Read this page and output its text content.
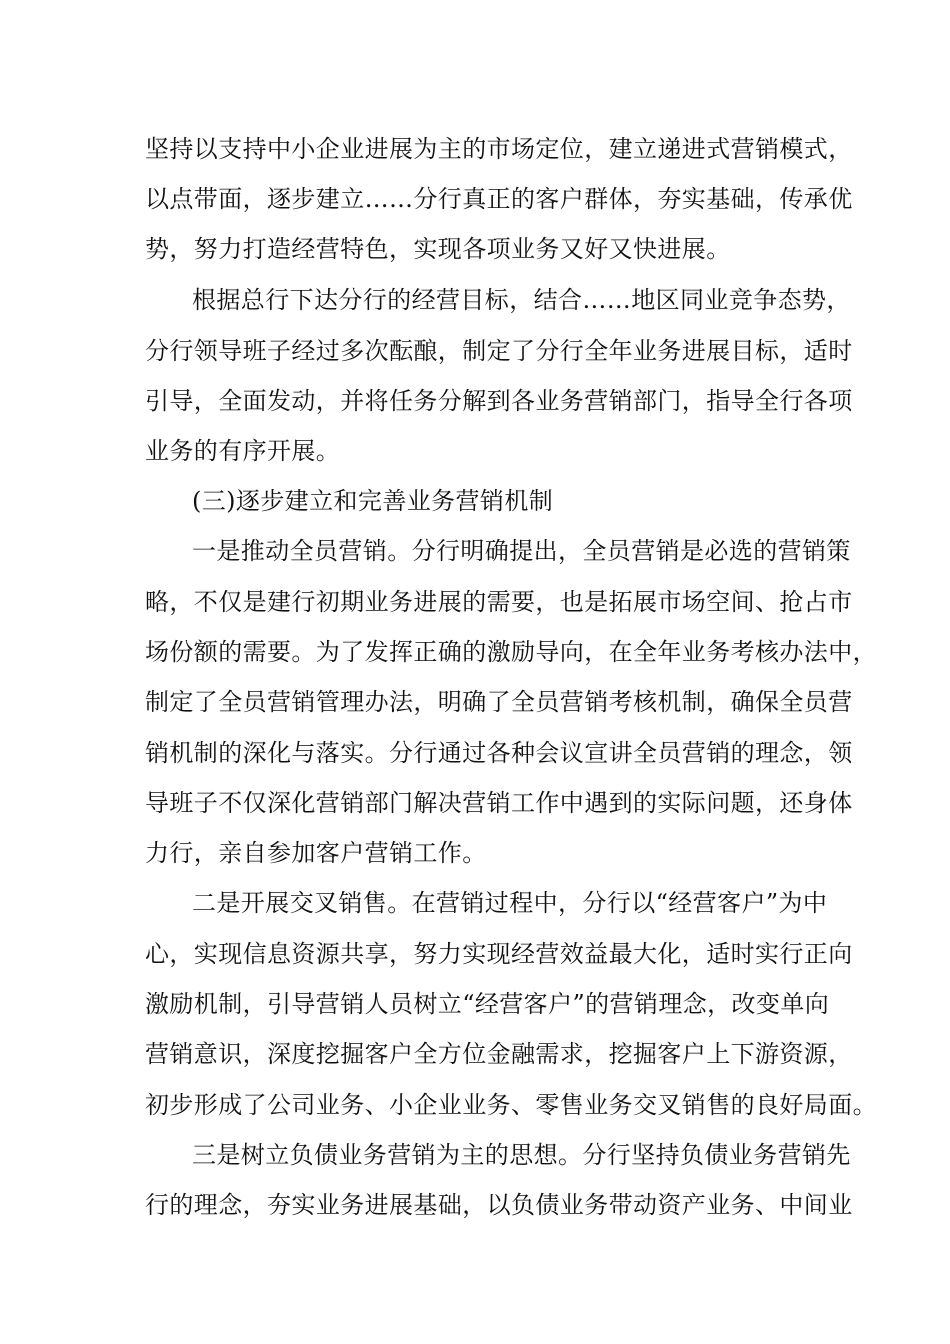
坚持以支持中小企业进展为主的市场定位，建立递进式营销模式，
以点带面，逐步建立……分行真正的客户群体，夯实基础，传承优
势，努力打造经营特色，实现各项业务又好又快进展。
根据总行下达分行的经营目标，结合……地区同业竞争态势，
分行领导班子经过多次酝酿，制定了分行全年业务进展目标，适时
引导，全面发动，并将任务分解到各业务营销部门，指导全行各项
业务的有序开展。
(三)逐步建立和完善业务营销机制
一是推动全员营销。分行明确提出，全员营销是必选的营销策
略，不仅是建行初期业务进展的需要，也是拓展市场空间、抢占市
场份额的需要。为了发挥正确的激励导向，在全年业务考核办法中，
制定了全员营销管理办法，明确了全员营销考核机制，确保全员营
销机制的深化与落实。分行通过各种会议宣讲全员营销的理念，领
导班子不仅深化营销部门解决营销工作中遇到的实际问题，还身体
力行，亲自参加客户营销工作。
二是开展交叉销售。在营销过程中，分行以“经营客户”为中
心，实现信息资源共享，努力实现经营效益最大化，适时实行正向
激励机制，引导营销人员树立“经营客户”的营销理念，改变单向
营销意识，深度挖掘客户全方位金融需求，挖掘客户上下游资源，
初步形成了公司业务、小企业业务、零售业务交叉销售的良好局面。
三是树立负债业务营销为主的思想。分行坚持负债业务营销先
行的理念，夯实业务进展基础，以负债业务带动资产业务、中间业
